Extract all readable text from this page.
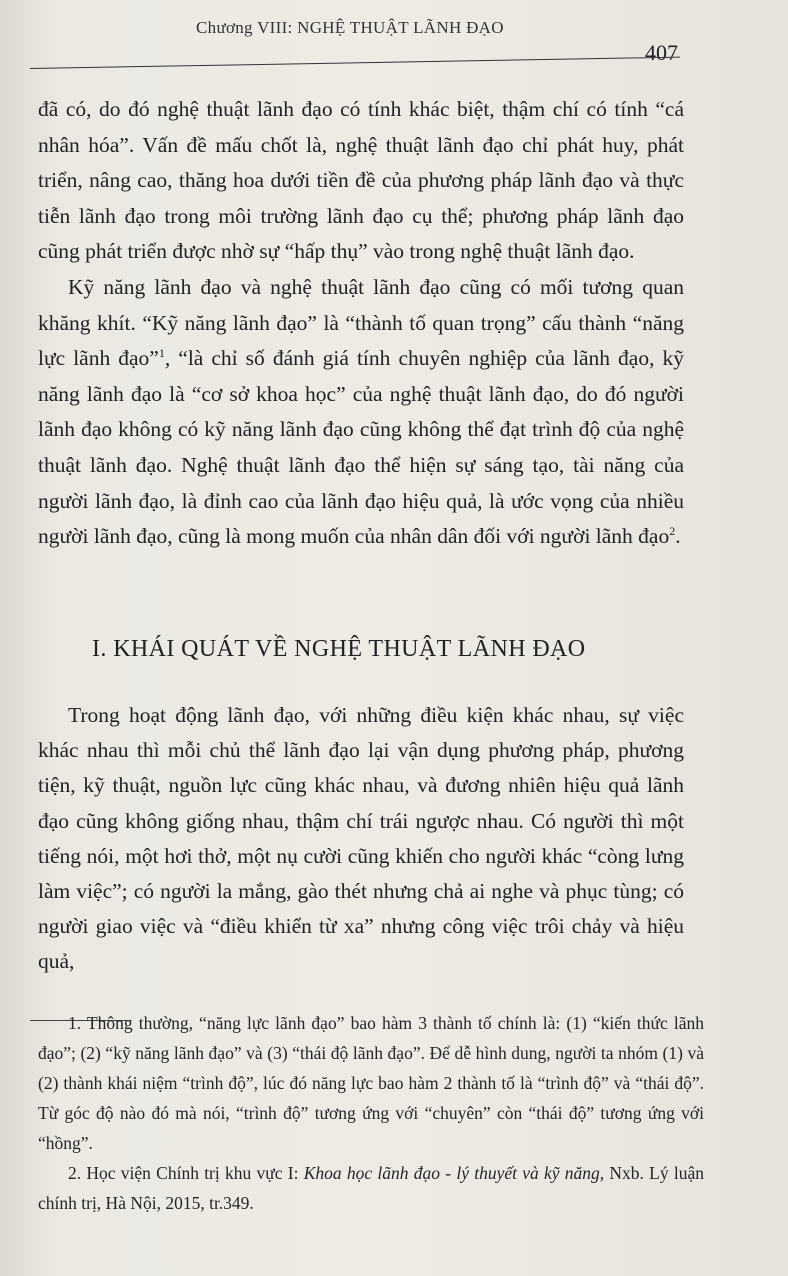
Chương VIII: NGHỆ THUẬT LÃNH ĐẠO
407

đã có, do đó nghệ thuật lãnh đạo có tính khác biệt, thậm chí có tính “cá nhân hóa”. Vấn đề mấu chốt là, nghệ thuật lãnh đạo chỉ phát huy, phát triển, nâng cao, thăng hoa dưới tiền đề của phương pháp lãnh đạo và thực tiễn lãnh đạo trong môi trường lãnh đạo cụ thể; phương pháp lãnh đạo cũng phát triển được nhờ sự “hấp thụ” vào trong nghệ thuật lãnh đạo.

Kỹ năng lãnh đạo và nghệ thuật lãnh đạo cũng có mối tương quan khăng khít. “Kỹ năng lãnh đạo” là “thành tố quan trọng” cấu thành “năng lực lãnh đạo”$^1$, “là chỉ số đánh giá tính chuyên nghiệp của lãnh đạo, kỹ năng lãnh đạo là “cơ sở khoa học” của nghệ thuật lãnh đạo, do đó người lãnh đạo không có kỹ năng lãnh đạo cũng không thể đạt trình độ của nghệ thuật lãnh đạo. Nghệ thuật lãnh đạo thể hiện sự sáng tạo, tài năng của người lãnh đạo, là đỉnh cao của lãnh đạo hiệu quả, là ước vọng của nhiều người lãnh đạo, cũng là mong muốn của nhân dân đối với người lãnh đạo$^2$.

I. KHÁI QUÁT VỀ NGHỆ THUẬT LÃNH ĐẠO

Trong hoạt động lãnh đạo, với những điều kiện khác nhau, sự việc khác nhau thì mỗi chủ thể lãnh đạo lại vận dụng phương pháp, phương tiện, kỹ thuật, nguồn lực cũng khác nhau, và đương nhiên hiệu quả lãnh đạo cũng không giống nhau, thậm chí trái ngược nhau. Có người thì một tiếng nói, một hơi thở, một nụ cười cũng khiến cho người khác “còng lưng làm việc”; có người la mắng, gào thét nhưng chả ai nghe và phục tùng; có người giao việc và “điều khiển từ xa” nhưng công việc trôi chảy và hiệu quả,

1. Thông thường, “năng lực lãnh đạo” bao hàm 3 thành tố chính là: (1) “kiến thức lãnh đạo”; (2) “kỹ năng lãnh đạo” và (3) “thái độ lãnh đạo”. Để dễ hình dung, người ta nhóm (1) và (2) thành khái niệm “trình độ”, lúc đó năng lực bao hàm 2 thành tố là “trình độ” và “thái độ”. Từ góc độ nào đó mà nói, “trình độ” tương ứng với “chuyên” còn “thái độ” tương ứng với “hồng”.

2. Học viện Chính trị khu vực I: Khoa học lãnh đạo - lý thuyết và kỹ năng, Nxb. Lý luận chính trị, Hà Nội, 2015, tr.349.
